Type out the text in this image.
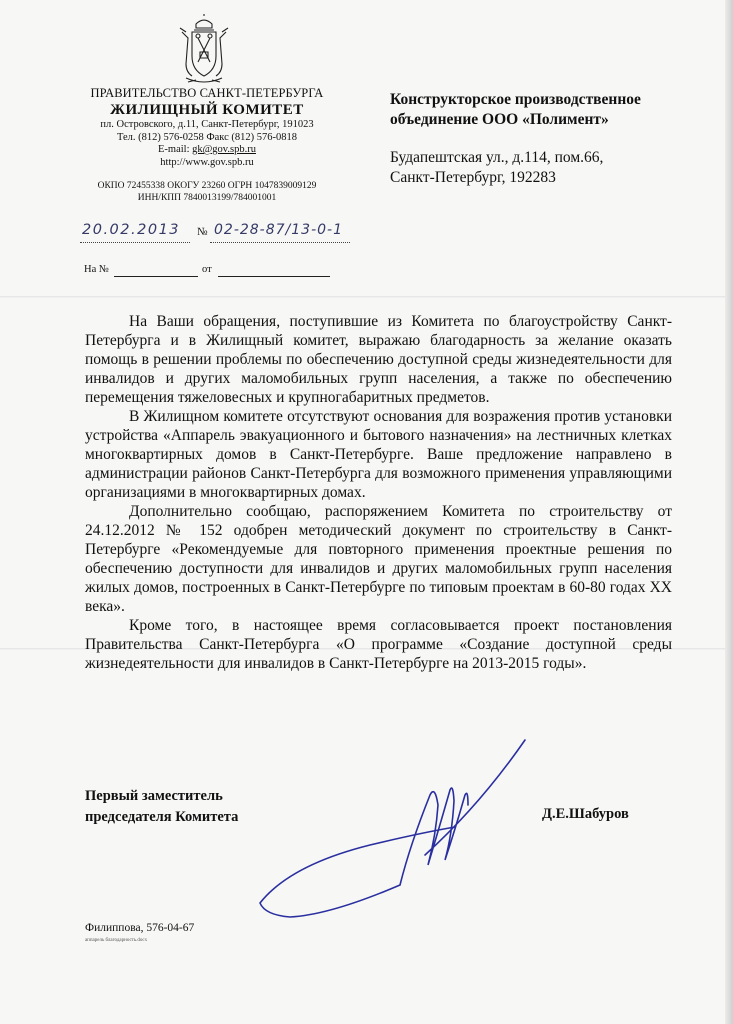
ПРАВИТЕЛЬСТВО САНКТ-ПЕТЕРБУРГА
ЖИЛИЩНЫЙ КОМИТЕТ
пл. Островского, д.11, Санкт-Петербург, 191023
Тел. (812) 576-0258 Факс (812) 576-0818
E-mail: gk@gov.spb.ru
http://www.gov.spb.ru
ОКПО 72455338 ОКОГУ 23260 ОГРН 1047839009129
ИНН/КПП 7840013199/784001001
Конструкторское производственное
объединение ООО «Полимент»
Будапештская ул., д.114, пом.66,
Санкт-Петербург, 192283
20.02.2013 № 02-28-87/13-0-1
На №	от

На Ваши обращения, поступившие из Комитета по благоустройству Санкт-Петербурга и в Жилищный комитет, выражаю благодарность за желание оказать помощь в решении проблемы по обеспечению доступной среды жизнедеятельности для инвалидов и других маломобильных групп населения, а также по обеспечению перемещения тяжеловесных и крупногабаритных предметов.

В Жилищном комитете отсутствуют основания для возражения против установки устройства «Аппарель эвакуационного и бытового назначения» на лестничных клетках многоквартирных домов в Санкт-Петербурге. Ваше предложение направлено в администрации районов Санкт-Петербурга для возможного применения управляющими организациями в многоквартирных домах.

Дополнительно сообщаю, распоряжением Комитета по строительству от 24.12.2012 № 152 одобрен методический документ по строительству в Санкт-Петербурге «Рекомендуемые для повторного применения проектные решения по обеспечению доступности для инвалидов и других маломобильных групп населения жилых домов, построенных в Санкт-Петербурге по типовым проектам в 60-80 годах XX века».

Кроме того, в настоящее время согласовывается проект постановления Правительства Санкт-Петербурга «О программе «Создание доступной среды жизнедеятельности для инвалидов в Санкт-Петербурге на 2013-2015 годы».

Первый заместитель
председателя Комитета	Д.Е.Шабуров
Филиппова, 576-04-67
аппарель благодарность.docx
